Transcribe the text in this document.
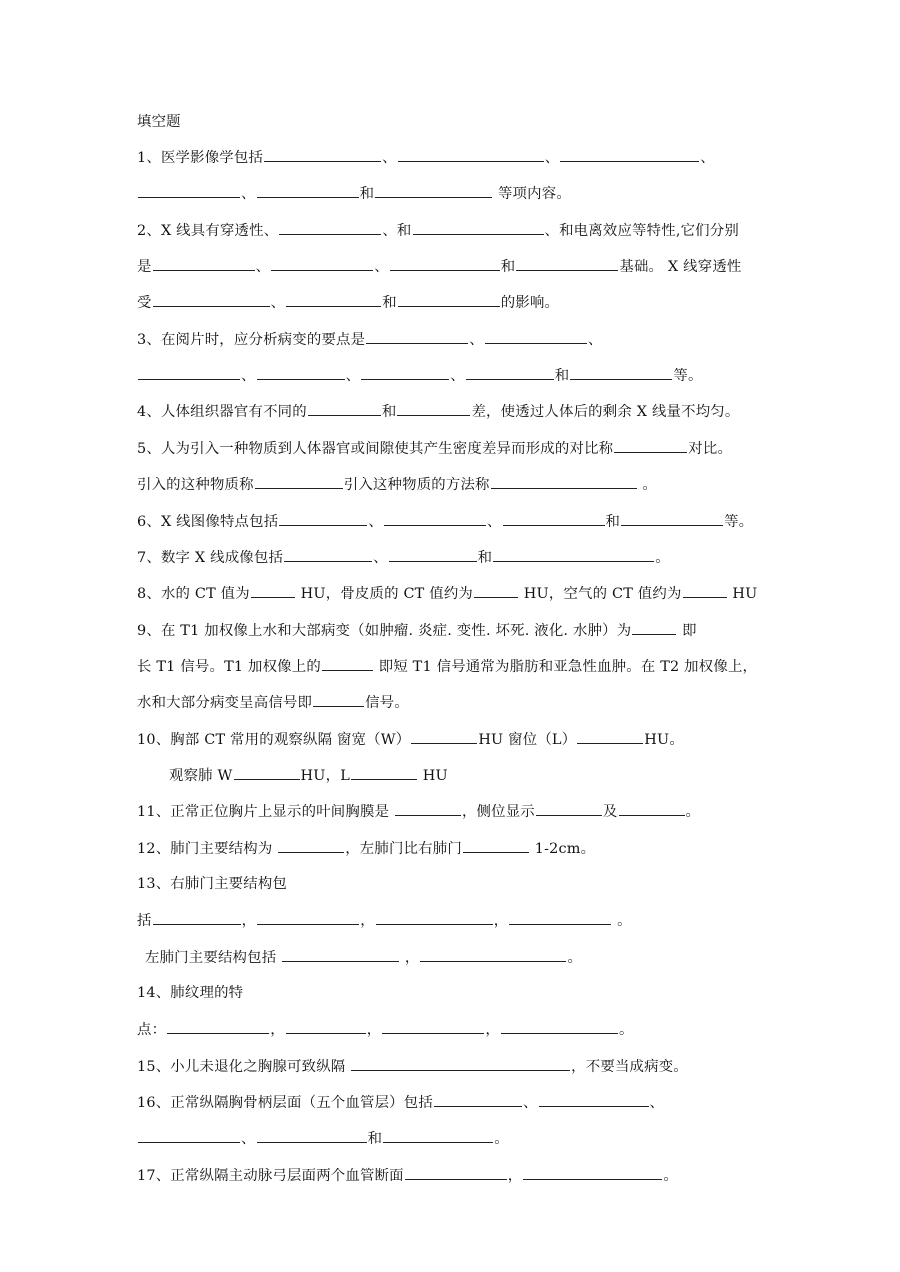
填空题
1、医学影像学包括	、	、	、
、	和	等项内容。
2、X 线具有穿透性、	、和	、和电离效应等特性,它们分别
是	、	、	和	基础。 X 线穿透性
受	、	和	的影响。
3、在阅片时，应分析病变的要点是	、	、
、	、	、	和	等。
4、人体组织器官有不同的	和	差，使透过人体后的剩余 X 线量不均匀。
5、人为引入一种物质到人体器官或间隙使其产生密度差异而形成的对比称	对比。
引入的这种物质称	引入这种物质的方法称	。
6、X 线图像特点包括	、	、	和	等。
7、数字 X 线成像包括	、	和	。
8、水的 CT 值为	HU，骨皮质的 CT 值约为	HU，空气的 CT 值约为	HU
9、在 T1 加权像上水和大部病变（如肿瘤. 炎症. 变性. 坏死. 液化. 水肿）为	即
长 T1 信号。T1 加权像上的	即短 T1 信号通常为脂肪和亚急性血肿。在 T2 加权像上，
水和大部分病变呈高信号即	信号。
10、胸部 CT 常用的观察纵隔 窗宽（W）	HU 窗位（L）	HU。
观察肺 W	HU，L	HU
11、正常正位胸片上显示的叶间胸膜是	，侧位显示	及	。
12、肺门主要结构为	，左肺门比右肺门	1-2cm。
13、右肺门主要结构包
括	，	，	，	。
左肺门主要结构包括	，	。
14、肺纹理的特
点：	，	，	，	。
15、小儿未退化之胸腺可致纵隔	，不要当成病变。
16、正常纵隔胸骨柄层面（五个血管层）包括	、	、
、	和	。
17、正常纵隔主动脉弓层面两个血管断面	，	。
